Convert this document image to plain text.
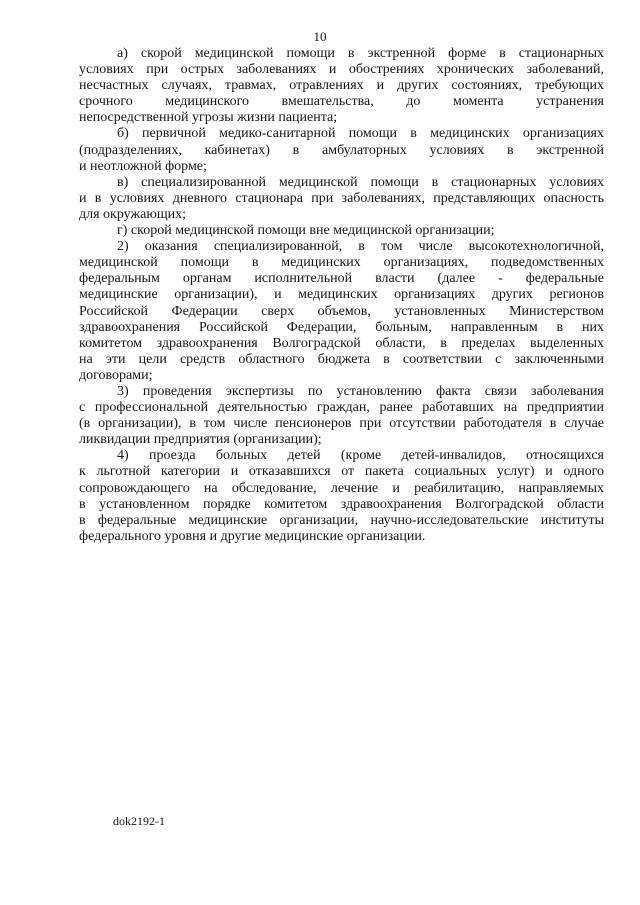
10

а) скорой медицинской помощи в экстренной форме в стационарных
условиях при острых заболеваниях и обострениях хронических заболеваний,
несчастных случаях, травмах, отравлениях и других состояниях, требующих
срочного медицинского вмешательства, до момента устранения
непосредственной угрозы жизни пациента;

б) первичной медико-санитарной помощи в медицинских организациях
(подразделениях, кабинетах) в амбулаторных условиях в экстренной
и неотложной форме;

в) специализированной медицинской помощи в стационарных условиях
и в условиях дневного стационара при заболеваниях, представляющих опасность
для окружающих;

г) скорой медицинской помощи вне медицинской организации;

2) оказания специализированной, в том числе высокотехнологичной,
медицинской помощи в медицинских организациях, подведомственных
федеральным органам исполнительной власти (далее - федеральные
медицинские организации), и медицинских организациях других регионов
Российской Федерации сверх объемов, установленных Министерством
здравоохранения Российской Федерации, больным, направленным в них
комитетом здравоохранения Волгоградской области, в пределах выделенных
на эти цели средств областного бюджета в соответствии с заключенными
договорами;

3) проведения экспертизы по установлению факта связи заболевания
с профессиональной деятельностью граждан, ранее работавших на предприятии
(в организации), в том числе пенсионеров при отсутствии работодателя в случае
ликвидации предприятия (организации);

4) проезда больных детей (кроме детей-инвалидов, относящихся
к льготной категории и отказавшихся от пакета социальных услуг) и одного
сопровождающего на обследование, лечение и реабилитацию, направляемых
в установленном порядке комитетом здравоохранения Волгоградской области
в федеральные медицинские организации, научно-исследовательские институты
федерального уровня и другие медицинские организации.

dok2192-1
